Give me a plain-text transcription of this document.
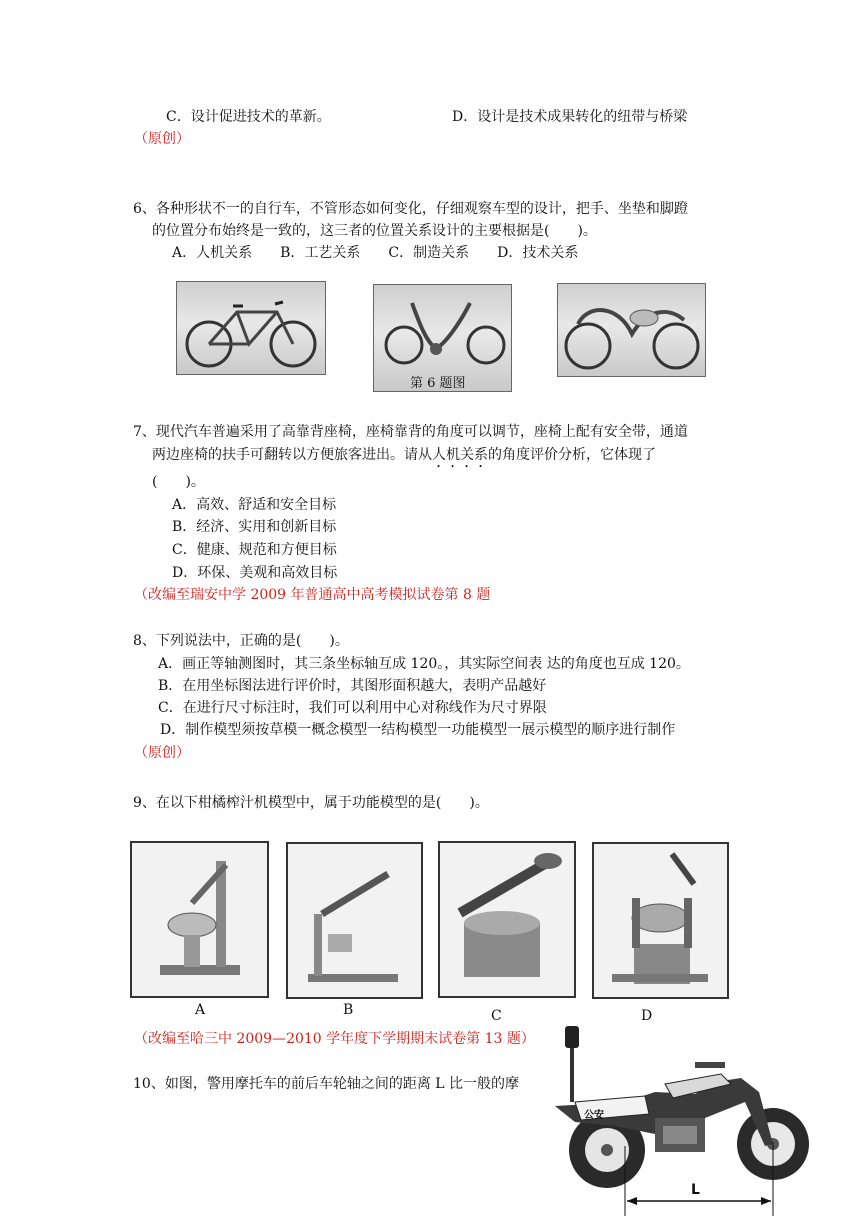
C．设计促进技术的革新。	D．设计是技术成果转化的纽带与桥梁
（原创）
6、各种形状不一的自行车，不管形态如何变化，仔细观察车型的设计，把手、坐垫和脚蹬
的位置分布始终是一致的，这三者的位置关系设计的主要根据是(　　)。
A．人机关系　　B．工艺关系　　C．制造关系　　D．技术关系
第 6 题图
7、现代汽车普遍采用了高靠背座椅，座椅靠背的角度可以调节，座椅上配有安全带，通道
两边座椅的扶手可翻转以方便旅客进出。请从人机关系的角度评价分析，它体现了
(　　)。
A．高效、舒适和安全目标
B．经济、实用和创新目标
C．健康、规范和方便目标
D．环保、美观和高效目标
（改编至瑞安中学 2009 年普通高中高考模拟试卷第 8 题
8、下列说法中，正确的是(　　)。
A．画正等轴测图时，其三条坐标轴互成 120。，其实际空间表 达的角度也互成 120。
B．在用坐标图法进行评价时，其图形面积越大，表明产品越好
C．在进行尺寸标注时，我们可以利用中心对称线作为尺寸界限
D．制作模型须按草模一概念模型一结构模型一功能模型一展示模型的顺序进行制作
（原创）
9、在以下柑橘榨汁机模型中，属于功能模型的是(　　)。
A	B	C	D
（改编至哈三中 2009—2010 学年度下学期期末试卷第 13 题）
10、如图，警用摩托车的前后车轮轴之间的距离 L 比一般的摩
公安
L
